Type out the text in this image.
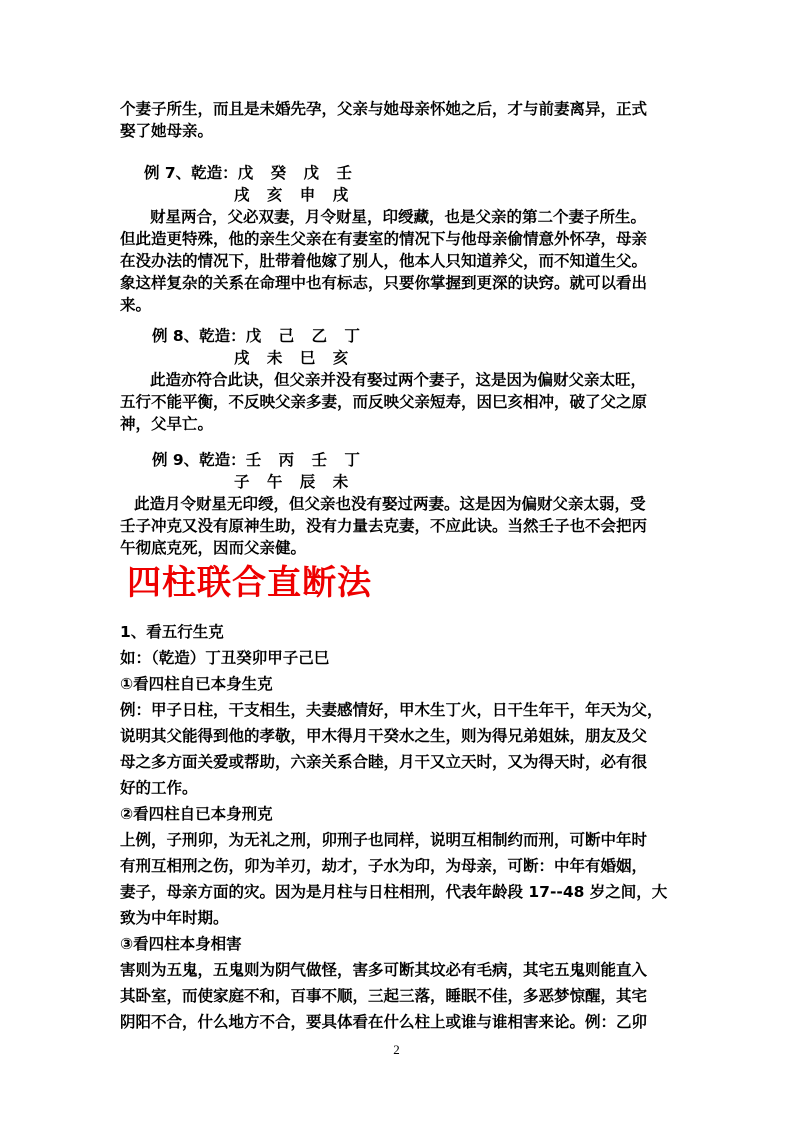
个妻子所生，而且是未婚先孕，父亲与她母亲怀她之后，才与前妻离异，正式
娶了她母亲。
例 7、乾造：戊 癸 戊 壬
戌 亥 申 戌
财星两合，父必双妻，月令财星，印绶藏，也是父亲的第二个妻子所生。
但此造更特殊，他的亲生父亲在有妻室的情况下与他母亲偷情意外怀孕，母亲
在没办法的情况下，肚带着他嫁了别人，他本人只知道养父，而不知道生父。
象这样复杂的关系在命理中也有标志，只要你掌握到更深的诀窍。就可以看出
来。
例 8、乾造：戊 己 乙 丁
戌 未 巳 亥
此造亦符合此诀，但父亲并没有娶过两个妻子，这是因为偏财父亲太旺，
五行不能平衡，不反映父亲多妻，而反映父亲短寿，因巳亥相冲，破了父之原
神，父早亡。
例 9、乾造：壬 丙 壬 丁
子 午 辰 未
此造月令财星无印绶，但父亲也没有娶过两妻。这是因为偏财父亲太弱，受
壬子冲克又没有原神生助，没有力量去克妻，不应此诀。当然壬子也不会把丙
午彻底克死，因而父亲健。
四柱联合直断法
1、看五行生克
如：（乾造）丁丑癸卯甲子己巳
①看四柱自已本身生克
例：甲子日柱，干支相生，夫妻感情好，甲木生丁火，日干生年干，年天为父，
说明其父能得到他的孝敬，甲木得月干癸水之生，则为得兄弟姐妹，朋友及父
母之多方面关爱或帮助，六亲关系合睦，月干又立天时，又为得天时，必有很
好的工作。
②看四柱自已本身刑克
上例，子刑卯，为无礼之刑，卯刑子也同样，说明互相制约而刑，可断中年时
有刑互相刑之伤，卯为羊刃，劫才，子水为印，为母亲，可断：中年有婚姻，
妻子，母亲方面的灾。因为是月柱与日柱相刑，代表年龄段 17--48 岁之间，大
致为中年时期。
③看四柱本身相害
害则为五鬼，五鬼则为阴气做怪，害多可断其坟必有毛病，其宅五鬼则能直入
其卧室，而使家庭不和，百事不顺，三起三落，睡眠不佳，多恶梦惊醒，其宅
阴阳不合，什么地方不合，要具体看在什么柱上或谁与谁相害来论。例：乙卯
2
